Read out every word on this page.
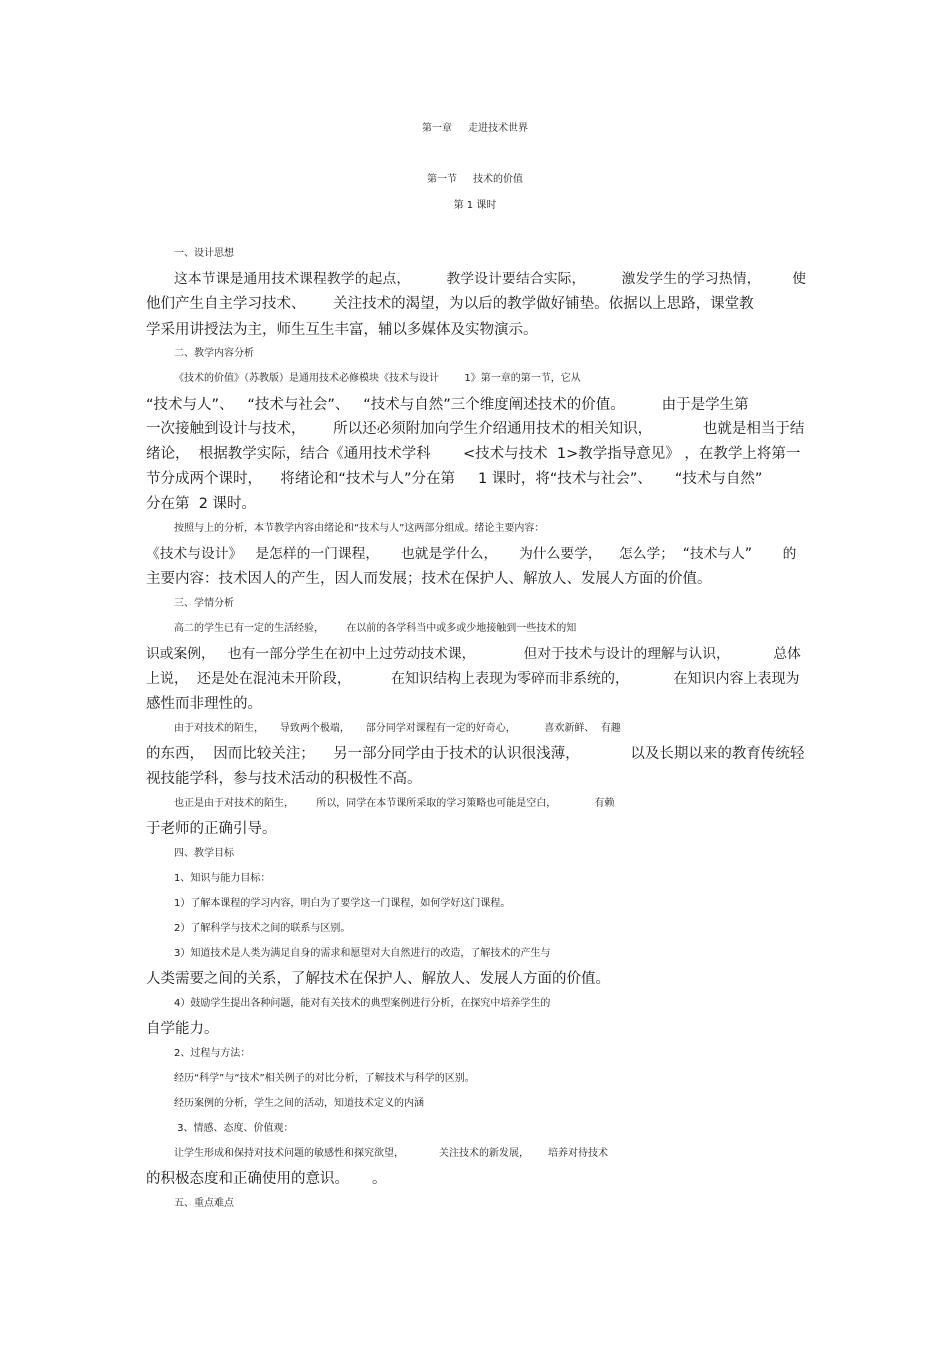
第一章     走进技术世界
第一节     技术的价值
第 1 课时
一、设计思想
这本节课是通用技术课程教学的起点，        教学设计要结合实际，        激发学生的学习热情，       使
他们产生自主学习技术、      关注技术的渴望，为以后的教学做好铺垫。依据以上思路，课堂教
学采用讲授法为主，师生互生丰富，辅以多媒体及实物演示。
二、教学内容分析
《技术的价值》（苏教版）是通用技术必修模块《技术与设计        1》第一章的第一节，它从
“技术与人”、   “技术与社会”、   “技术与自然”三个维度阐述技术的价值。        由于是学生第
一次接触到设计与技术，      所以还必须附加向学生介绍通用技术的相关知识，           也就是相当于结
绪论，  根据教学实际，结合《通用技术学科       <技术与技术  1>教学指导意见》 ，在教学上将第一
节分成两个课时，    将绪论和“技术与人”分在第     1 课时，将“技术与社会”、     “技术与自然”
分在第  2 课时。
按照与上的分析，本节教学内容由绪论和“技术与人”这两部分组成。绪论主要内容：
《技术与设计》   是怎样的一门课程，     也就是学什么，     为什么要学，    怎么学；  “技术与人”       的
主要内容：技术因人的产生，因人而发展；技术在保护人、解放人、发展人方面的价值。
三、学情分析
高二的学生已有一定的生活经验，       在以前的各学科当中或多或少地接触到一些技术的知
识或案例，   也有一部分学生在初中上过劳动技术课，           但对于技术与设计的理解与认识，          总体
上说，  还是处在混沌未开阶段，         在知识结构上表现为零碎而非系统的，          在知识内容上表现为
感性而非理性的。
由于对技术的陌生，     导致两个极端，     部分同学对课程有一定的好奇心，         喜欢新鲜、  有趣
的东西，  因而比较关注；    另一部分同学由于技术的认识很浅薄，           以及长期以来的教育传统轻
视技能学科，参与技术活动的积极性不高。
也正是由于对技术的陌生，       所以，同学在本节课所采取的学习策略也可能是空白，            有赖
于老师的正确引导。
四、教学目标
1、知识与能力目标：
1）了解本课程的学习内容，明白为了要学这一门课程，如何学好这门课程。
2）了解科学与技术之间的联系与区别。
3）知道技术是人类为满足自身的需求和愿望对大自然进行的改造，了解技术的产生与
人类需要之间的关系，了解技术在保护人、解放人、发展人方面的价值。
4）鼓励学生提出各种问题，能对有关技术的典型案例进行分析，在探究中培养学生的
自学能力。
2、过程与方法：
经历“科学”与“技术”相关例子的对比分析，了解技术与科学的区别。
经历案例的分析，学生之间的活动，知道技术定义的内涵
3、情感、态度、价值观：
让学生形成和保持对技术问题的敏感性和探究欲望，           关注技术的新发展，      培养对待技术
的积极态度和正确使用的意识。     。
五、重点难点
